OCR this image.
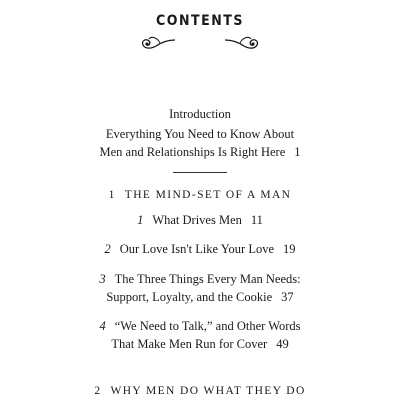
CONTENTS
Introduction
Everything You Need to Know About
Men and Relationships Is Right Here 1
1 THE MIND-SET OF A MAN
1 What Drives Men 11
2 Our Love Isn't Like Your Love 19
3 The Three Things Every Man Needs:
Support, Loyalty, and the Cookie 37
4 “We Need to Talk,” and Other Words
That Make Men Run for Cover 49
2 WHY MEN DO WHAT THEY DO
